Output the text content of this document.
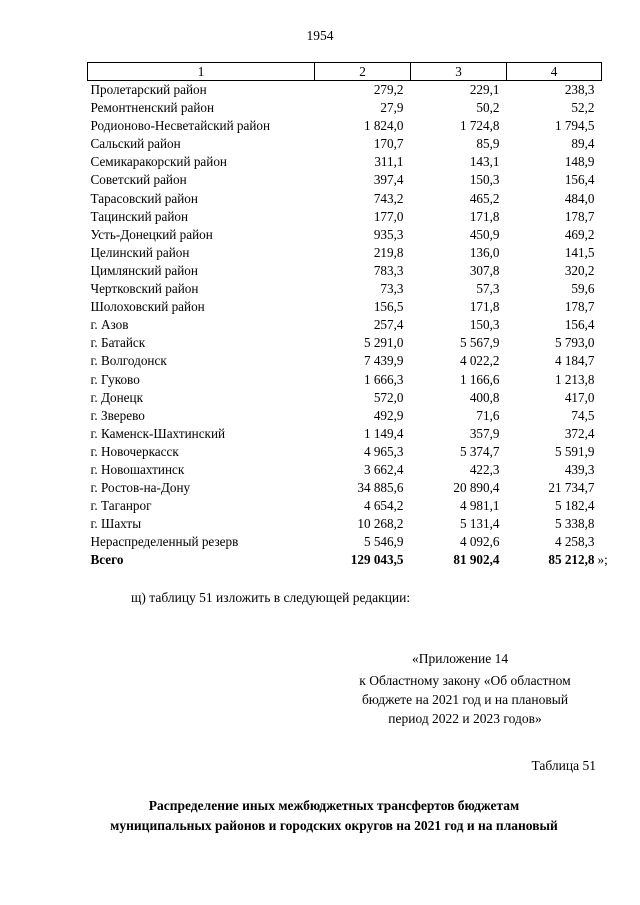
1954
1	2	3	4
Пролетарский район	279,2	229,1	238,3
Ремонтненский район	27,9	50,2	52,2
Родионово-Несветайский район	1 824,0	1 724,8	1 794,5
Сальский район	170,7	85,9	89,4
Семикаракорский район	311,1	143,1	148,9
Советский район	397,4	150,3	156,4
Тарасовский район	743,2	465,2	484,0
Тацинский район	177,0	171,8	178,7
Усть-Донецкий район	935,3	450,9	469,2
Целинский район	219,8	136,0	141,5
Цимлянский район	783,3	307,8	320,2
Чертковский район	73,3	57,3	59,6
Шолоховский район	156,5	171,8	178,7
г. Азов	257,4	150,3	156,4
г. Батайск	5 291,0	5 567,9	5 793,0
г. Волгодонск	7 439,9	4 022,2	4 184,7
г. Гуково	1 666,3	1 166,6	1 213,8
г. Донецк	572,0	400,8	417,0
г. Зверево	492,9	71,6	74,5
г. Каменск-Шахтинский	1 149,4	357,9	372,4
г. Новочеркасск	4 965,3	5 374,7	5 591,9
г. Новошахтинск	3 662,4	422,3	439,3
г. Ростов-на-Дону	34 885,6	20 890,4	21 734,7
г. Таганрог	4 654,2	4 981,1	5 182,4
г. Шахты	10 268,2	5 131,4	5 338,8
Нераспределенный резерв	5 546,9	4 092,6	4 258,3
Всего	129 043,5	81 902,4	85 212,8 »;
щ) таблицу 51 изложить в следующей редакции:
«Приложение 14
к Областному закону «Об областном
бюджете на 2021 год и на плановый
период 2022 и 2023 годов»
Таблица 51
Распределение иных межбюджетных трансфертов бюджетам
муниципальных районов и городских округов на 2021 год и на плановый
